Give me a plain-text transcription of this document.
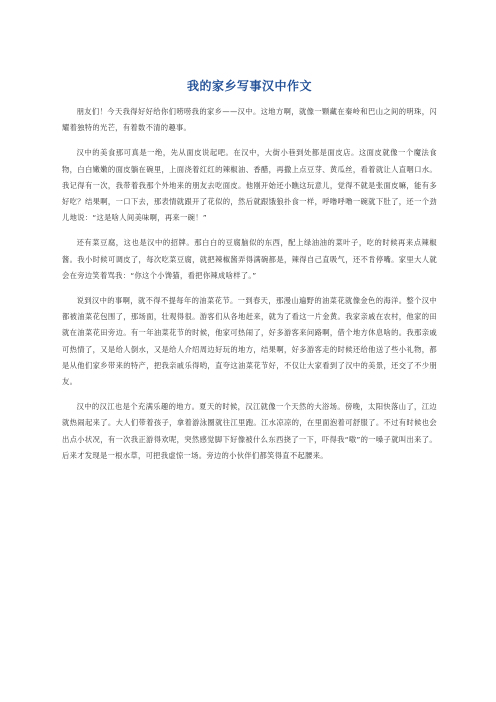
我的家乡写事汉中作文

朋友们！今天我得好好给你们唠唠我的家乡——汉中。这地方啊，就像一颗藏在秦岭和巴山之间的明珠，闪耀着独特的光芒，有着数不清的趣事。

汉中的美食那可真是一绝，先从面皮说起吧。在汉中，大街小巷到处都是面皮店。这面皮就像一个魔法食物，白白嫩嫩的面皮躺在碗里，上面浇着红红的辣椒油、香醋，再撒上点豆芽、黄瓜丝，看着就让人直咽口水。我记得有一次，我带着我那个外地来的朋友去吃面皮。他刚开始还小瞧这玩意儿，觉得不就是张面皮嘛，能有多好吃？结果啊，一口下去，那表情就跟开了花似的，然后就跟饿狼扑食一样，呼噜呼噜一碗就下肚了，还一个劲儿地说：“这是啥人间美味啊，再来一碗！”

还有菜豆腐，这也是汉中的招牌。那白白的豆腐脑似的东西，配上绿油油的菜叶子，吃的时候再来点辣椒酱。我小时候可调皮了，每次吃菜豆腐，就把辣椒酱弄得满碗都是，辣得自己直吸气，还不肯停嘴。家里大人就会在旁边笑着骂我：“你这个小馋猫，看把你辣成啥样了。”

说到汉中的事啊，就不得不提每年的油菜花节。一到春天，那漫山遍野的油菜花就像金色的海洋。整个汉中都被油菜花包围了，那场面，壮观得很。游客们从各地赶来，就为了看这一片金黄。我家亲戚在农村，他家的田就在油菜花田旁边。有一年油菜花节的时候，他家可热闹了，好多游客来问路啊，借个地方休息啥的。我那亲戚可热情了，又是给人倒水，又是给人介绍周边好玩的地方，结果啊，好多游客走的时候还给他送了些小礼物，都是从他们家乡带来的特产，把我亲戚乐得哟，直夸这油菜花节好，不仅让大家看到了汉中的美景，还交了不少朋友。

汉中的汉江也是个充满乐趣的地方。夏天的时候，汉江就像一个天然的大浴场。傍晚，太阳快落山了，江边就热闹起来了。大人们带着孩子，拿着游泳圈就往江里跑。江水凉凉的，在里面泡着可舒服了。不过有时候也会出点小状况，有一次我正游得欢呢，突然感觉脚下好像被什么东西挠了一下，吓得我“嗷”的一嗓子就叫出来了。后来才发现是一根水草，可把我虚惊一场。旁边的小伙伴们都笑得直不起腰来。
